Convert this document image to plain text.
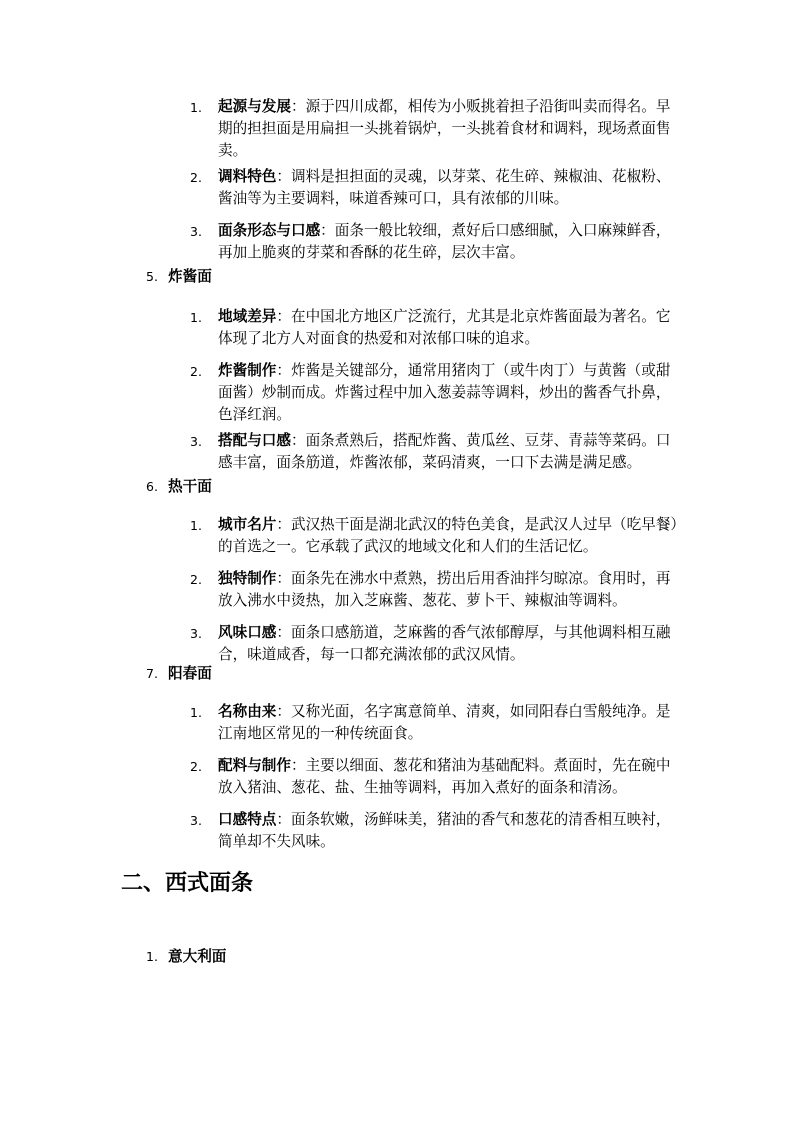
1.	起源与发展：源于四川成都，相传为小贩挑着担子沿街叫卖而得名。早期的担担面是用扁担一头挑着锅炉，一头挑着食材和调料，现场煮面售卖。
2.	调料特色：调料是担担面的灵魂，以芽菜、花生碎、辣椒油、花椒粉、酱油等为主要调料，味道香辣可口，具有浓郁的川味。
3.	面条形态与口感：面条一般比较细，煮好后口感细腻，入口麻辣鲜香，再加上脆爽的芽菜和香酥的花生碎，层次丰富。
5. 炸酱面
1.	地域差异：在中国北方地区广泛流行，尤其是北京炸酱面最为著名。它体现了北方人对面食的热爱和对浓郁口味的追求。
2.	炸酱制作：炸酱是关键部分，通常用猪肉丁（或牛肉丁）与黄酱（或甜面酱）炒制而成。炸酱过程中加入葱姜蒜等调料，炒出的酱香气扑鼻，色泽红润。
3.	搭配与口感：面条煮熟后，搭配炸酱、黄瓜丝、豆芽、青蒜等菜码。口感丰富，面条筋道，炸酱浓郁，菜码清爽，一口下去满是满足感。
6. 热干面
1.	城市名片：武汉热干面是湖北武汉的特色美食，是武汉人过早（吃早餐）的首选之一。它承载了武汉的地域文化和人们的生活记忆。
2.	独特制作：面条先在沸水中煮熟，捞出后用香油拌匀晾凉。食用时，再放入沸水中烫热，加入芝麻酱、葱花、萝卜干、辣椒油等调料。
3.	风味口感：面条口感筋道，芝麻酱的香气浓郁醇厚，与其他调料相互融合，味道咸香，每一口都充满浓郁的武汉风情。
7. 阳春面
1.	名称由来：又称光面，名字寓意简单、清爽，如同阳春白雪般纯净。是江南地区常见的一种传统面食。
2.	配料与制作：主要以细面、葱花和猪油为基础配料。煮面时，先在碗中放入猪油、葱花、盐、生抽等调料，再加入煮好的面条和清汤。
3.	口感特点：面条软嫩，汤鲜味美，猪油的香气和葱花的清香相互映衬，简单却不失风味。
二、西式面条
1. 意大利面
